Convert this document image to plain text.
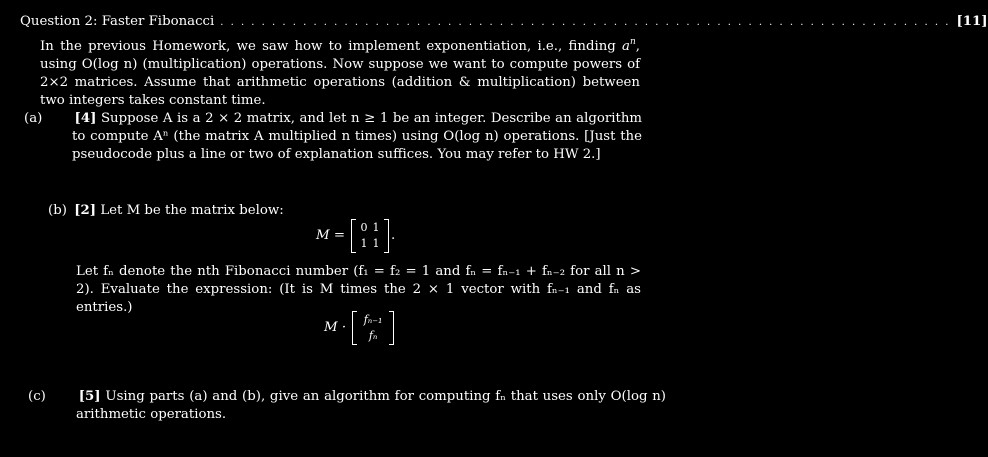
Question 2: Faster Fibonacci . . . . . . . . . . . . . . . . . . . . . . . . . . . . . . . . . . . . . . . . . . . . . . . . . . . . . . . . . . . . . . . . . . . . . . . [11]
In the previous Homework, we saw how to implement exponentiation, i.e., finding $a^n$, using O(log n) (multiplication) operations. Now suppose we want to compute powers of 2×2 matrices. Assume that arithmetic operations (addition & multiplication) between two integers takes constant time.
(a) [4] Suppose A is a 2 × 2 matrix, and let n ≥ 1 be an integer. Describe an algorithm to compute Aⁿ (the matrix A multiplied n times) using O(log n) operations. [Just the pseudocode plus a line or two of explanation suffices. You may refer to HW 2.]
(b) [2] Let M be the matrix below:
M =
0 1
1 1
.
Let fₙ denote the nth Fibonacci number (f₁ = f₂ = 1 and fₙ = fₙ₋₁ + fₙ₋₂ for all n > 2). Evaluate the expression: (It is M times the 2 × 1 vector with fₙ₋₁ and fₙ as entries.)
M ·
fₙ₋₁
fₙ
(c) [5] Using parts (a) and (b), give an algorithm for computing fₙ that uses only O(log n) arithmetic operations.
